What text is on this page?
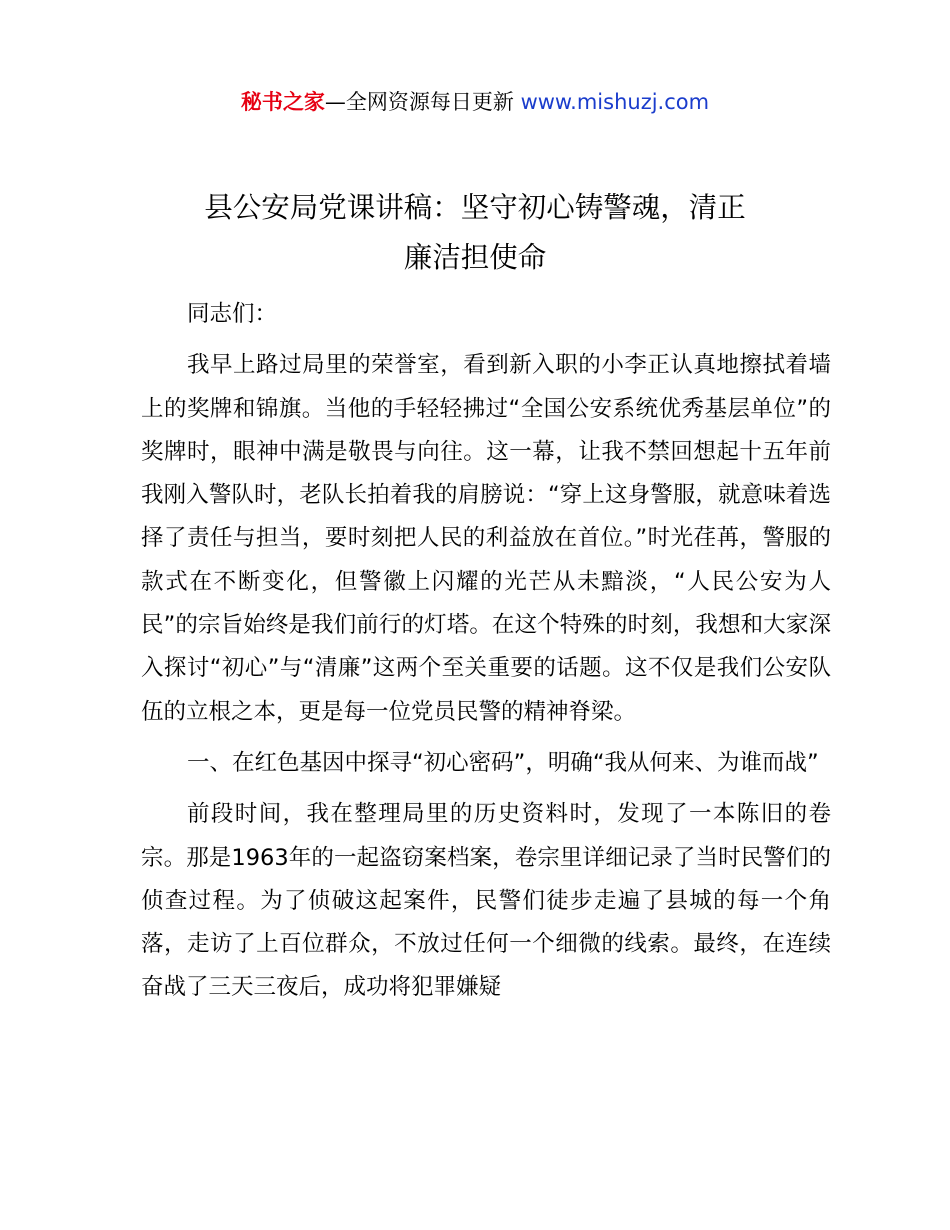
秘书之家—全网资源每日更新 www.mishuzj.com
县公安局党课讲稿：坚守初心铸警魂，清正
廉洁担使命

同志们：

我早上路过局里的荣誉室，看到新入职的小李正认真地擦拭着墙上的奖牌和锦旗。当他的手轻轻拂过“全国公安系统优秀基层单位”的奖牌时，眼神中满是敬畏与向往。这一幕，让我不禁回想起十五年前我刚入警队时，老队长拍着我的肩膀说：“穿上这身警服，就意味着选择了责任与担当，要时刻把人民的利益放在首位。”时光荏苒，警服的款式在不断变化，但警徽上闪耀的光芒从未黯淡，“人民公安为人民”的宗旨始终是我们前行的灯塔。在这个特殊的时刻，我想和大家深入探讨“初心”与“清廉”这两个至关重要的话题。这不仅是我们公安队伍的立根之本，更是每一位党员民警的精神脊梁。

一、在红色基因中探寻“初心密码”，明确“我从何来、为谁而战”

前段时间，我在整理局里的历史资料时，发现了一本陈旧的卷宗。那是1963年的一起盗窃案档案，卷宗里详细记录了当时民警们的侦查过程。为了侦破这起案件，民警们徒步走遍了县城的每一个角落，走访了上百位群众，不放过任何一个细微的线索。最终，在连续奋战了三天三夜后，成功将犯罪嫌疑
